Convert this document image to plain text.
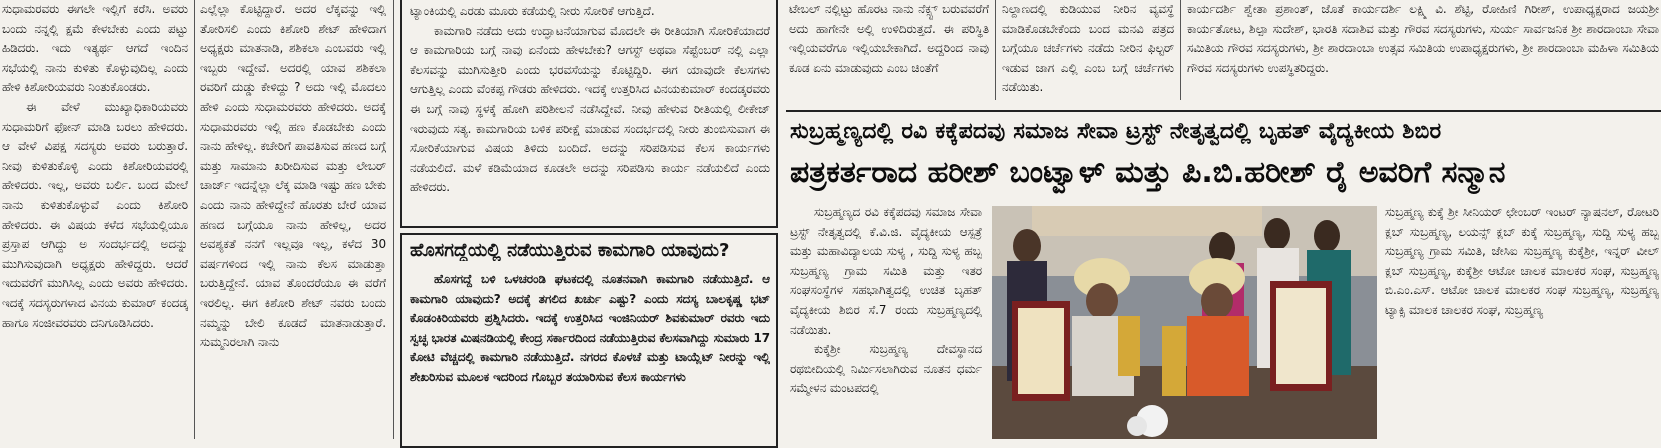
ಸುಧಾಮರವರು ಈಗಲೇ ಇಲ್ಲಿಗೆ ಕರೆಸಿ. ಅವರು ಬಂದು ನನ್ನಲ್ಲಿ ಕ್ಷಮೆ ಕೇಳಬೇಕು ಎಂದು ಪಟ್ಟು ಹಿಡಿದರು. ಇದು ಇತ್ಯರ್ಥ ಆಗದೆ ಇಂದಿನ ಸಭೆಯಲ್ಲಿ ನಾನು ಕುಳಿತು ಕೊಳ್ಳುವುದಿಲ್ಲ ಎಂದು ಹೇಳಿ ಕಿಶೋರಿಯವರು ನಿಂತುಕೊಂಡರು.

ಈ ವೇಳೆ ಮುಖ್ಯಾಧಿಕಾರಿಯವರು ಸುಧಾಮರಿಗೆ ಫೋನ್ ಮಾಡಿ ಬರಲು ಹೇಳಿದರು. ಆ ವೇಳೆ ವಿಪಕ್ಷ ಸದಸ್ಯರು ಅವರು ಬರುತ್ತಾರೆ. ನೀವು ಕುಳಿತುಕೊಳ್ಳಿ ಎಂದು ಕಿಶೋರಿಯವರಲ್ಲಿ ಹೇಳಿದರು. ಇಲ್ಲ, ಅವರು ಬರ್ಲಿ. ಬಂದ ಮೇಲೆ ನಾನು ಕುಳಿತುಕೊಳ್ಳುವೆ ಎಂದು ಕಿಶೋರಿ ಹೇಳಿದರು. ಈ ವಿಷಯ ಕಳೆದ ಸಭೆಯಲ್ಲಿಯೂ ಪ್ರಸ್ತಾಪ ಆಗಿದ್ದು ಅ ಸಂದರ್ಭದಲ್ಲಿ ಅದನ್ನು ಮುಗಿಸುವುದಾಗಿ ಅಧ್ಯಕ್ಷರು ಹೇಳಿದ್ದರು. ಆದರೆ ಇದುವರೆಗೆ ಮುಗಿಸಿಲ್ಲ ಎಂದು ಅವರು ಹೇಳಿದರು. ಇದಕ್ಕೆ ಸದಸ್ಯರುಗಳಾದ ವಿನಯ ಕುಮಾರ್ ಕಂದಡ್ಕ ಹಾಗೂ ಸಂಜೀವರವರು ದನಿಗೂಡಿಸಿದರು.

ಎಲ್ಲೆಲ್ಲಾ ಕೊಟ್ಟಿದ್ದಾರೆ. ಅದರ ಲೆಕ್ಕವನ್ನು ಇಲ್ಲಿ ತೋರಿಸಲಿ ಎಂದು ಕಿಶೋರಿ ಶೇಟ್ ಹೇಳಿದಾಗ ಅಧ್ಯಕ್ಷರು ಮಾತನಾಡಿ, ಶಶಿಕಲಾ ಎಂಬವರು ಇಲ್ಲಿ ಇಬ್ಬರು ಇದ್ದೇವೆ. ಅದರಲ್ಲಿ ಯಾವ ಶಶಿಕಲಾ ರವರಿಗೆ ದುಡ್ಡು ಕೇಳಿದ್ದು ? ಅದು ಇಲ್ಲಿ ಮೊದಲು ಹೇಳಿ ಎಂದು ಸುಧಾಮರವರು ಹೇಳಿದರು. ಅದಕ್ಕೆ ಸುಧಾಮರವರು ಇಲ್ಲಿ ಹಣ ಕೊಡಬೇಕು ಎಂದು ನಾನು ಹೇಳಿಲ್ಲ. ಕಚೇರಿಗೆ ಪಾವತಿಸುವ ಹಣದ ಬಗ್ಗೆ ಮತ್ತು ಸಾಮಾನು ಖರೀದಿಸುವ ಮತ್ತು ಲೇಬರ್ ಚಾರ್ಜ್ ಇದನ್ನೆಲ್ಲಾ ಲೆಕ್ಕ ಮಾಡಿ ಇಷ್ಟು ಹಣ ಬೇಕು ಎಂದು ನಾನು ಹೇಳಿದ್ದೇನೆ ಹೊರತು ಬೇರೆ ಯಾವ ಹಣದ ಬಗ್ಗೆಯೂ ನಾನು ಹೇಳಿಲ್ಲ, ಅದರ ಅವಶ್ಯಕತೆ ನನಗೆ ಇಲ್ಲವೂ ಇಲ್ಲ, ಕಳೆದ 30 ವರ್ಷಗಳಿಂದ ಇಲ್ಲಿ ನಾನು ಕೆಲಸ ಮಾಡುತ್ತಾ ಬರುತ್ತಿದ್ದೇನೆ. ಯಾವ ತೊಂದರೆಯೂ ಈ ವರೆಗೆ ಇರಲಿಲ್ಲ. ಈಗ ಕಿಶೋರಿ ಶೇಟ್ ನವರು ಬಂದು ನಮ್ಮನ್ನು ಬೇಲಿ ಕೂಡದೆ ಮಾತನಾಡುತ್ತಾರೆ. ಸುಮ್ಮನಿರಲಾಗಿ ನಾನು

ಟ್ಯಾಂಕಿಯಲ್ಲಿ ಎರಡು ಮೂರು ಕಡೆಯಲ್ಲಿ ನೀರು ಸೋರಿಕೆ ಆಗುತ್ತಿದೆ.

ಕಾಮಗಾರಿ ನಡೆದು ಅದು ಉದ್ಘಾಟನೆಯಾಗುವ ಮೊದಲೇ ಈ ರೀತಿಯಾಗಿ ಸೋರಿಕೆಯಾದರೆ ಆ ಕಾಮಗಾರಿಯ ಬಗ್ಗೆ ನಾವು ಏನೆಂದು ಹೇಳಬೇಕು? ಆಗಸ್ಟ್ ಅಥವಾ ಸೆಪ್ಟೆಂಬರ್ ನಲ್ಲಿ ಎಲ್ಲಾ ಕೆಲಸವನ್ನು ಮುಗಿಸುತ್ತೀರಿ ಎಂದು ಭರವಸೆಯನ್ನು ಕೊಟ್ಟಿದ್ದಿರಿ. ಈಗ ಯಾವುದೇ ಕೆಲಸಗಳು ಆಗುತ್ತಿಲ್ಲ ಎಂದು ವೆಂಕಪ್ಪ ಗೌಡರು ಹೇಳಿದರು. ಇದಕ್ಕೆ ಉತ್ತರಿಸಿದ ವಿನಯಕುಮಾರ್ ಕಂದಡ್ಕರವರು ಈ ಬಗ್ಗೆ ನಾವು ಸ್ಥಳಕ್ಕೆ ಹೋಗಿ ಪರಿಶೀಲನೆ ನಡೆಸಿದ್ದೇವೆ. ನೀವು ಹೇಳುವ ರೀತಿಯಲ್ಲಿ ಲೀಕೇಜ್ ಇರುವುದು ಸತ್ಯ. ಕಾಮಗಾರಿಯ ಬಳಿಕ ಪರೀಕ್ಷೆ ಮಾಡುವ ಸಂದರ್ಭದಲ್ಲಿ ನೀರು ತುಂಬಿಸುವಾಗ ಈ ಸೋರಿಕೆಯಾಗುವ ವಿಷಯ ತಿಳಿದು ಬಂದಿದೆ. ಅದನ್ನು ಸರಿಪಡಿಸುವ ಕೆಲಸ ಕಾರ್ಯಗಳು ನಡೆಯಲಿದೆ. ಮಳೆ ಕಡಿಮೆಯಾದ ಕೂಡಲೇ ಅದನ್ನು ಸರಿಪಡಿಸು ಕಾರ್ಯ ನಡೆಯಲಿದೆ ಎಂದು ಹೇಳಿದರು.

ಹೊಸಗದ್ದೆಯಲ್ಲಿ ನಡೆಯುತ್ತಿರುವ ಕಾಮಗಾರಿ ಯಾವುದು?

ಹೊಸಗದ್ದೆ ಬಳಿ ಒಳಚರಂಡಿ ಘಟಕದಲ್ಲಿ ನೂತನವಾಗಿ ಕಾಮಗಾರಿ ನಡೆಯುತ್ತಿದೆ. ಆ ಕಾಮಗಾರಿ ಯಾವುದು? ಅದಕ್ಕೆ ತಗಲಿದ ಖರ್ಚು ಎಷ್ಟು? ಎಂದು ಸದಸ್ಯ ಬಾಲಕೃಷ್ಣ ಭಟ್ ಕೊಡಂಕಿರಿಯವರು ಪ್ರಶ್ನಿಸಿದರು. ಇದಕ್ಕೆ ಉತ್ತರಿಸಿದ ಇಂಜಿನಿಯರ್ ಶಿವಕುಮಾರ್ ರವರು ಇದು ಸ್ವಚ್ಛ ಭಾರತ ಮಿಷನಡಿಯಲ್ಲಿ ಕೇಂದ್ರ ಸರ್ಕಾರದಿಂದ ನಡೆಯುತ್ತಿರುವ ಕೆಲಸವಾಗಿದ್ದು ಸುಮಾರು 17 ಕೋಟಿ ವೆಚ್ಚದಲ್ಲಿ ಕಾಮಗಾರಿ ನಡೆಯುತ್ತಿದೆ. ನಗರದ ಕೊಳಚೆ ಮತ್ತು ಟಾಯ್ಲೆಟ್ ನೀರನ್ನು ಇಲ್ಲಿ ಶೇಖರಿಸುವ ಮೂಲಕ ಇದರಿಂದ ಗೊಬ್ಬರ ತಯಾರಿಸುವ ಕೆಲಸ ಕಾರ್ಯಗಳು

ಟೇಬಲ್ ನಲ್ಲಿಟ್ಟು ಹೊರಟ ನಾನು ನೆಕ್ಸ್ಟ್ ಬರುವವರೆಗೆ ಅದು ಹಾಗೇನೇ ಅಲ್ಲಿ ಉಳಿದಿರುತ್ತದೆ. ಈ ಪರಿಸ್ಥಿತಿ ಇಲ್ಲಿಯವರೆಗೂ ಇಲ್ಲಿಯಬೇಕಾಗಿದೆ. ಅದ್ದರಿಂದ ನಾವು ಕೂಡ ಏನು ಮಾಡುವುದು ಎಂಬ ಚಿಂತೆಗೆ

ನಿಲ್ದಾಣದಲ್ಲಿ ಕುಡಿಯುವ ನೀರಿನ ವ್ಯವಸ್ಥೆ ಮಾಡಿಕೊಡಬೇಕೆಂದು ಬಂದ ಮನವಿ ಪತ್ರದ ಬಗ್ಗೆಯೂ ಚರ್ಚೆಗಳು ನಡೆದು ನೀರಿನ ಫಿಲ್ಟರ್ ಇಡುವ ಜಾಗ ಎಲ್ಲಿ ಎಂಬ ಬಗ್ಗೆ ಚರ್ಚೆಗಳು ನಡೆಯಿತು.

ಕಾರ್ಯದರ್ಶಿ ಶ್ವೇತಾ ಪ್ರಶಾಂತ್, ಜೊತೆ ಕಾರ್ಯದರ್ಶಿ ಲಕ್ಷ್ಮಿ ವಿ. ಶೆಟ್ಟಿ, ರೋಹಿಣಿ ಗಿರೀಶ್, ಉಪಾಧ್ಯಕ್ಷರಾದ ಜಯಶ್ರೀ ಕಾರ್ಯತೋಟ, ಶಿಲ್ಪಾ ಸುದೇಶ್, ಭಾರತಿ ಸದಾಶಿವ ಮತ್ತು ಗೌರವ ಸದಸ್ಯರುಗಳು, ಸುರ್ಯ ಸಾರ್ವಜನಿಕ ಶ್ರೀ ಶಾರದಾಂಬಾ ಸೇವಾ ಸಮಿತಿಯ ಗೌರವ ಸದಸ್ಯರುಗಳು, ಶ್ರೀ ಶಾರದಾಂಬಾ ಉತ್ಸವ ಸಮಿತಿಯ ಉಪಾಧ್ಯಕ್ಷರುಗಳು, ಶ್ರೀ ಶಾರದಾಂಬಾ ಮಹಿಳಾ ಸಮಿತಿಯ ಗೌರವ ಸದಸ್ಯರುಗಳು ಉಪಸ್ಥಿತರಿದ್ದರು.

ಸುಬ್ರಹ್ಮಣ್ಯದಲ್ಲಿ ರವಿ ಕಕ್ಕೆಪದವು ಸಮಾಜ ಸೇವಾ ಟ್ರಸ್ಟ್ ನೇತೃತ್ವದಲ್ಲಿ ಬೃಹತ್ ವೈದ್ಯಕೀಯ ಶಿಬಿರ
ಪತ್ರಕರ್ತರಾದ ಹರೀಶ್ ಬಂಟ್ವಾಳ್ ಮತ್ತು ಪಿ.ಬಿ.ಹರೀಶ್ ರೈ ಅವರಿಗೆ ಸನ್ಮಾನ

ಸುಬ್ರಹ್ಮಣ್ಯದ ರವಿ ಕಕ್ಕೆಪದವು ಸಮಾಜ ಸೇವಾ ಟ್ರಸ್ಟ್ ನೇತೃತ್ವದಲ್ಲಿ ಕೆ.ವಿ.ಜಿ. ವೈದ್ಯಕೀಯ ಆಸ್ಪತ್ರೆ ಮತ್ತು ಮಹಾವಿದ್ಯಾಲಯ ಸುಳ್ಯ , ಸುದ್ದಿ ಸುಳ್ಯ ಹಬ್ಬ ಸುಬ್ರಹ್ಮಣ್ಯ ಗ್ರಾಮ ಸಮಿತಿ ಮತ್ತು ಇತರ ಸಂಘಸಂಸ್ಥೆಗಳ ಸಹಭಾಗಿತ್ವದಲ್ಲಿ ಉಚಿತ ಬೃಹತ್ ವೈದ್ಯಕೀಯ ಶಿಬಿರ ಸೆ.7 ರಂದು ಸುಬ್ರಹ್ಮಣ್ಯದಲ್ಲಿ ನಡೆಯಿತು.

ಕುಕ್ಕೆಶ್ರೀ ಸುಬ್ರಹ್ಮಣ್ಯ ದೇವಸ್ಥಾನದ ರಥಬೀದಿಯಲ್ಲಿ ನಿರ್ಮಿಸಲಾಗಿರುವ ನೂತನ ಧರ್ಮ ಸಮ್ಮೇಳನ ಮಂಟಪದಲ್ಲಿ

ಸುಬ್ರಹ್ಮಣ್ಯ ಕುಕ್ಕೆ ಶ್ರೀ ಸೀನಿಯರ್ ಛೇಂಬರ್ ಇಂಟರ್ ನ್ಯಾಷನಲ್, ರೋಟರಿ ಕ್ಲಬ್ ಸುಬ್ರಹ್ಮಣ್ಯ, ಲಯನ್ಸ್ ಕ್ಲಬ್ ಕುಕ್ಕೆ ಸುಬ್ರಹ್ಮಣ್ಯ, ಸುದ್ದಿ ಸುಳ್ಯ ಹಬ್ಬ ಸುಬ್ರಹ್ಮಣ್ಯ ಗ್ರಾಮ ಸಮಿತಿ, ಜೇಸಿಐ ಸುಬ್ರಹ್ಮಣ್ಯ ಕುಕ್ಕೆಶ್ರೀ, ಇನ್ನರ್ ವೀಲ್ ಕ್ಲಬ್ ಸುಬ್ರಹ್ಮಣ್ಯ, ಕುಕ್ಕೆಶ್ರೀ ಆಟೋ ಚಾಲಕ ಮಾಲಕರ ಸಂಘ, ಸುಬ್ರಹ್ಮಣ್ಯ ಬಿ.ಎಂ.ಎಸ್. ಆಟೋ ಚಾಲಕ ಮಾಲಕರ ಸಂಘ ಸುಬ್ರಹ್ಮಣ್ಯ, ಸುಬ್ರಹ್ಮಣ್ಯ ಟ್ಯಾಕ್ಸಿ ಮಾಲಕ ಚಾಲಕರ ಸಂಘ, ಸುಬ್ರಹ್ಮಣ್ಯ
